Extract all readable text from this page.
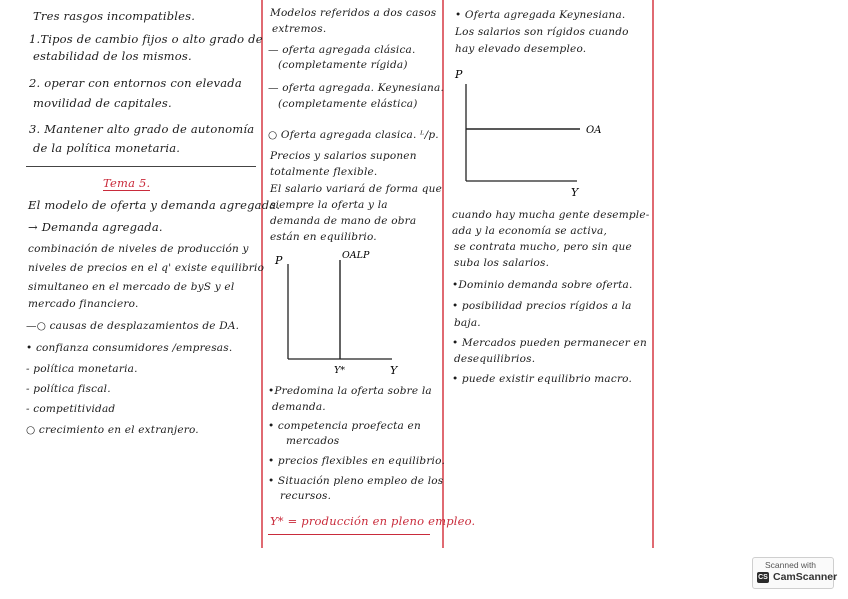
Tres rasgos incompatibles.
1.Tipos de cambio fijos o alto grado de
estabilidad de los mismos.
2. operar con entornos con elevada
movilidad de capitales.
3. Mantener alto grado de autonomía
de la política monetaria.
Tema 5.
El modelo de oferta y demanda agregada.
→ Demanda agregada.
combinación de niveles de producción y
niveles de precios en el q' existe equilibrio
simultaneo en el mercado de byS y el
mercado financiero.
—○ causas de desplazamientos de DA.
• confianza consumidores /empresas.
- política monetaria.
- política fiscal.
- competitividad
○ crecimiento en el extranjero.
Modelos referidos a dos casos
extremos.
— oferta agregada clásica.
(completamente rígida)
— oferta agregada. Keynesiana.
(completamente elástica)
○ Oferta agregada clasica. ᴸ/p.
Precios y salarios suponen
totalmente flexible.
El salario variará de forma que
siempre la oferta y la
demanda de mano de obra
están en equilibrio.
P	OALP
Y
Y*
•Predomina la oferta sobre la
demanda.
• competencia proefecta en
mercados
• precios flexibles en equilibrio.
• Situación pleno empleo de los
recursos.
Y* = producción en pleno empleo.
• Oferta agregada Keynesiana.
Los salarios son rígidos cuando
hay elevado desempleo.
P
OA
Y
cuando hay mucha gente desemple-
ada y la economía se activa,
se contrata mucho, pero sin que
suba los salarios.
•Dominio demanda sobre oferta.
• posibilidad precios rígidos a la
baja.
• Mercados pueden permanecer en
desequilibrios.
• puede existir equilibrio macro.
Scanned with
CS CamScanner
